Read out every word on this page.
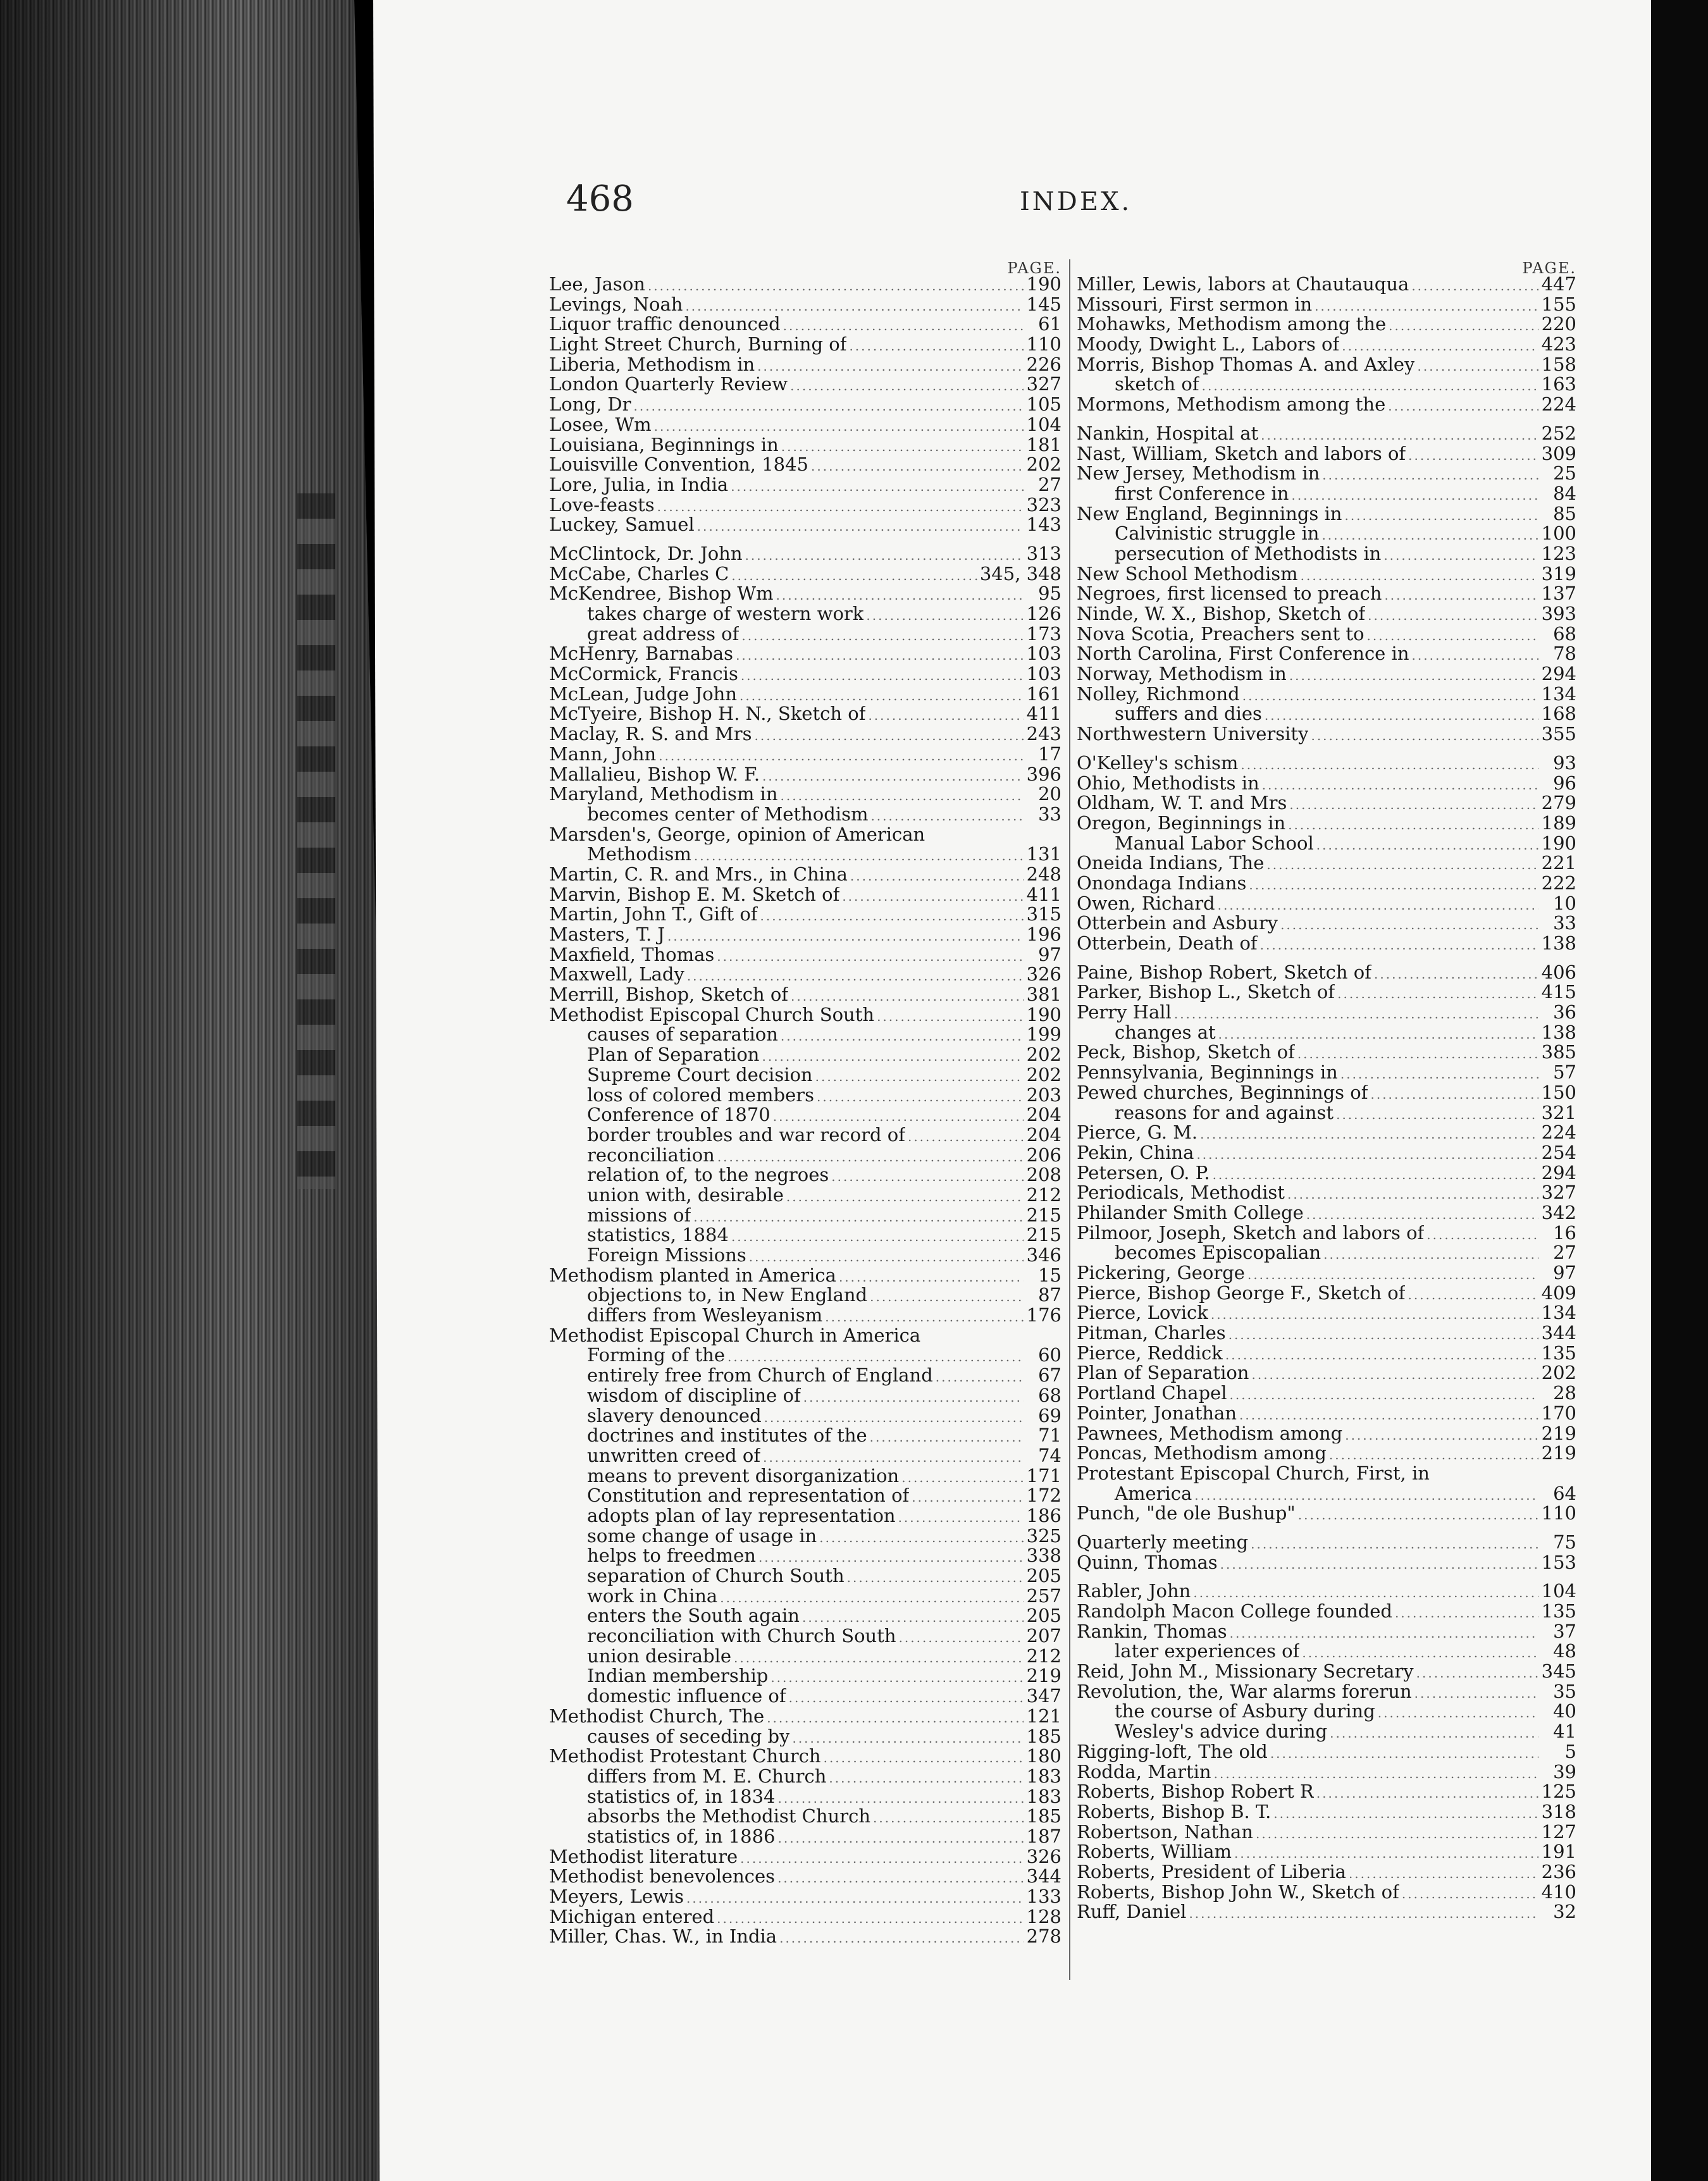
468	INDEX.
PAGE.
Lee, Jason .....	190
Levings, Noah .....	145
Liquor traffic denounced .....	61
Light Street Church, Burning of .....	110
Liberia, Methodism in .....	226
London Quarterly Review .....	327
Long, Dr .....	105
Losee, Wm .....	104
Louisiana, Beginnings in .....	181
Louisville Convention, 1845 .....	202
Lore, Julia, in India .....	27
Love-feasts .....	323
Luckey, Samuel .....	143
McClintock, Dr. John .....	313
McCabe, Charles C .....	345, 348
McKendree, Bishop Wm .....	95
takes charge of western work .....	126
great address of .....	173
McHenry, Barnabas .....	103
McCormick, Francis .....	103
McLean, Judge John .....	161
McTyeire, Bishop H. N., Sketch of .....	411
Maclay, R. S. and Mrs .....	243
Mann, John .....	17
Mallalieu, Bishop W. F. .....	396
Maryland, Methodism in .....	20
becomes center of Methodism .....	33
Marsden's, George, opinion of American
Methodism .....	131
Martin, C. R. and Mrs., in China .....	248
Marvin, Bishop E. M. Sketch of .....	411
Martin, John T., Gift of .....	315
Masters, T. J .....	196
Maxfield, Thomas .....	97
Maxwell, Lady .....	326
Merrill, Bishop, Sketch of .....	381
Methodist Episcopal Church South .....	190
causes of separation .....	199
Plan of Separation .....	202
Supreme Court decision .....	202
loss of colored members .....	203
Conference of 1870 .....	204
border troubles and war record of .....	204
reconciliation .....	206
relation of, to the negroes .....	208
union with, desirable .....	212
missions of .....	215
statistics, 1884 .....	215
Foreign Missions .....	346
Methodism planted in America .....	15
objections to, in New England .....	87
differs from Wesleyanism .....	176
Methodist Episcopal Church in America
Forming of the .....	60
entirely free from Church of England .....	67
wisdom of discipline of .....	68
slavery denounced .....	69
doctrines and institutes of the .....	71
unwritten creed of .....	74
means to prevent disorganization .....	171
Constitution and representation of .....	172
adopts plan of lay representation .....	186
some change of usage in .....	325
helps to freedmen .....	338
separation of Church South .....	205
work in China .....	257
enters the South again .....	205
reconciliation with Church South .....	207
union desirable .....	212
Indian membership .....	219
domestic influence of .....	347
Methodist Church, The .....	121
causes of seceding by .....	185
Methodist Protestant Church .....	180
differs from M. E. Church .....	183
statistics of, in 1834 .....	183
absorbs the Methodist Church .....	185
statistics of, in 1886 .....	187
Methodist literature .....	326
Methodist benevolences .....	344
Meyers, Lewis .....	133
Michigan entered .....	128
Miller, Chas. W., in India .....	278
PAGE.
Miller, Lewis, labors at Chautauqua .....	447
Missouri, First sermon in .....	155
Mohawks, Methodism among the .....	220
Moody, Dwight L., Labors of .....	423
Morris, Bishop Thomas A. and Axley .....	158
sketch of .....	163
Mormons, Methodism among the .....	224
Nankin, Hospital at .....	252
Nast, William, Sketch and labors of .....	309
New Jersey, Methodism in .....	25
first Conference in .....	84
New England, Beginnings in .....	85
Calvinistic struggle in .....	100
persecution of Methodists in .....	123
New School Methodism .....	319
Negroes, first licensed to preach .....	137
Ninde, W. X., Bishop, Sketch of .....	393
Nova Scotia, Preachers sent to .....	68
North Carolina, First Conference in .....	78
Norway, Methodism in .....	294
Nolley, Richmond .....	134
suffers and dies .....	168
Northwestern University .....	355
O'Kelley's schism .....	93
Ohio, Methodists in .....	96
Oldham, W. T. and Mrs .....	279
Oregon, Beginnings in .....	189
Manual Labor School .....	190
Oneida Indians, The .....	221
Onondaga Indians .....	222
Owen, Richard .....	10
Otterbein and Asbury .....	33
Otterbein, Death of .....	138
Paine, Bishop Robert, Sketch of .....	406
Parker, Bishop L., Sketch of .....	415
Perry Hall .....	36
changes at .....	138
Peck, Bishop, Sketch of .....	385
Pennsylvania, Beginnings in .....	57
Pewed churches, Beginnings of .....	150
reasons for and against .....	321
Pierce, G. M. .....	224
Pekin, China .....	254
Petersen, O. P. .....	294
Periodicals, Methodist .....	327
Philander Smith College .....	342
Pilmoor, Joseph, Sketch and labors of .....	16
becomes Episcopalian .....	27
Pickering, George .....	97
Pierce, Bishop George F., Sketch of .....	409
Pierce, Lovick .....	134
Pitman, Charles .....	344
Pierce, Reddick .....	135
Plan of Separation .....	202
Portland Chapel .....	28
Pointer, Jonathan .....	170
Pawnees, Methodism among .....	219
Poncas, Methodism among .....	219
Protestant Episcopal Church, First, in
America .....	64
Punch, "de ole Bushup" .....	110
Quarterly meeting .....	75
Quinn, Thomas .....	153
Rabler, John .....	104
Randolph Macon College founded .....	135
Rankin, Thomas .....	37
later experiences of .....	48
Reid, John M., Missionary Secretary .....	345
Revolution, the, War alarms forerun .....	35
the course of Asbury during .....	40
Wesley's advice during .....	41
Rigging-loft, The old .....	5
Rodda, Martin .....	39
Roberts, Bishop Robert R .....	125
Roberts, Bishop B. T. .....	318
Robertson, Nathan .....	127
Roberts, William .....	191
Roberts, President of Liberia .....	236
Roberts, Bishop John W., Sketch of .....	410
Ruff, Daniel .....	32
